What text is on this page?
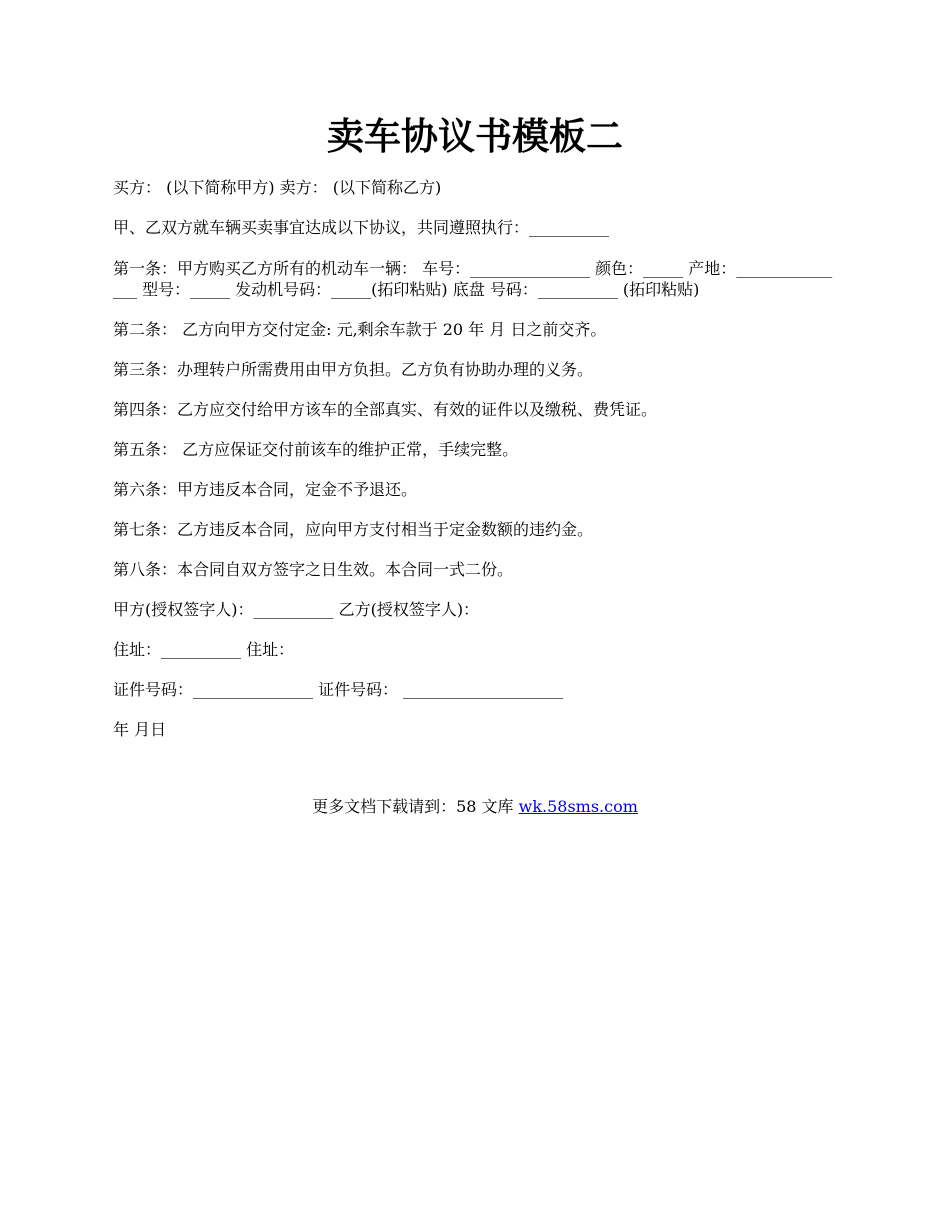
卖车协议书模板二

买方： (以下简称甲方) 卖方： (以下简称乙方)

甲、乙双方就车辆买卖事宜达成以下协议，共同遵照执行：__________

第一条：甲方购买乙方所有的机动车一辆： 车号：_______________ 颜色：_____ 产地：_______________ 型号：_____ 发动机号码：_____(拓印粘贴) 底盘 号码：__________ (拓印粘贴)

第二条： 乙方向甲方交付定金: 元,剩余车款于 20 年 月 日之前交齐。

第三条：办理转户所需费用由甲方负担。乙方负有协助办理的义务。

第四条：乙方应交付给甲方该车的全部真实、有效的证件以及缴税、费凭证。

第五条： 乙方应保证交付前该车的维护正常，手续完整。

第六条：甲方违反本合同，定金不予退还。

第七条：乙方违反本合同，应向甲方支付相当于定金数额的违约金。

第八条：本合同自双方签字之日生效。本合同一式二份。

甲方(授权签字人)：__________ 乙方(授权签字人)：

住址：__________ 住址：

证件号码：_______________ 证件号码： ____________________

年 月日

更多文档下载请到：58 文库 wk.58sms.com
